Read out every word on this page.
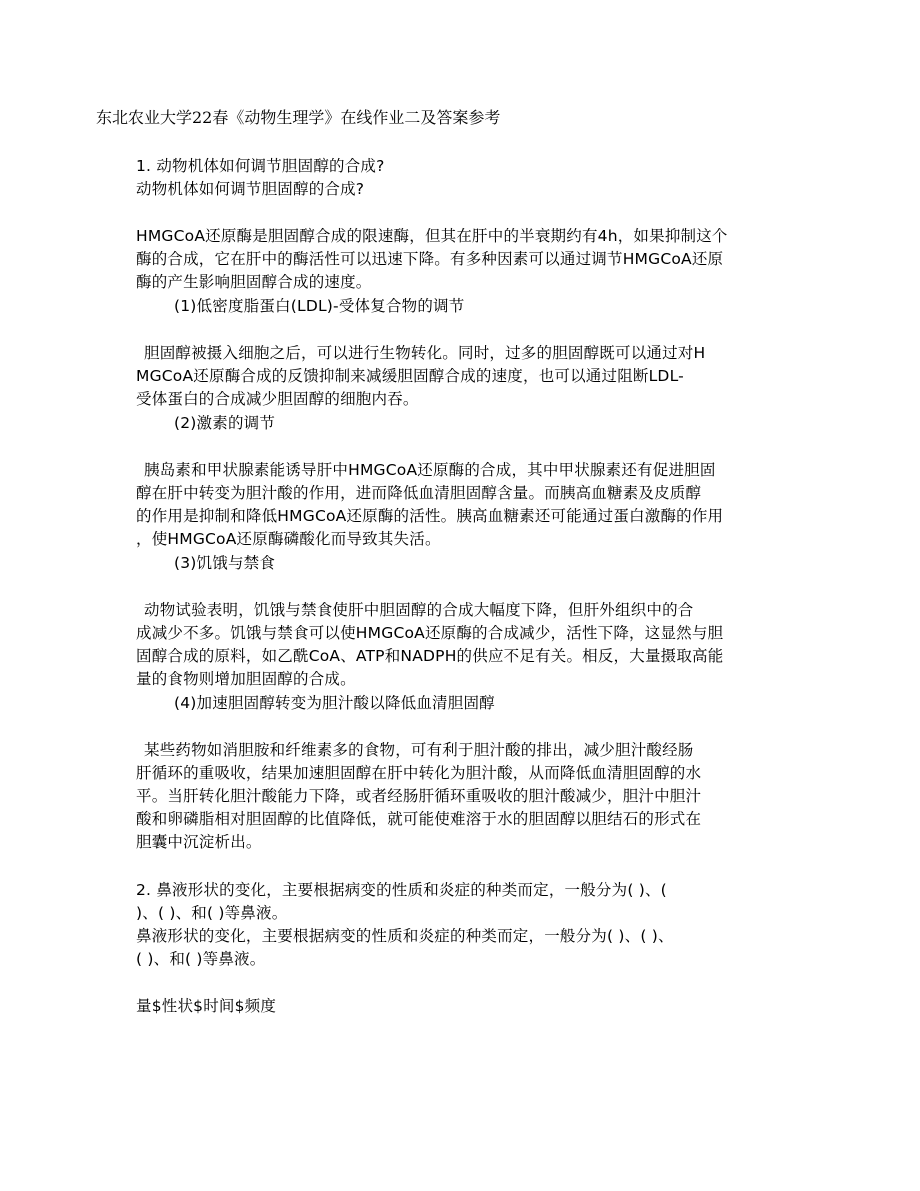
东北农业大学22春《动物生理学》在线作业二及答案参考
1. 动物机体如何调节胆固醇的合成?
动物机体如何调节胆固醇的合成?
HMGCoA还原酶是胆固醇合成的限速酶，但其在肝中的半衰期约有4h，如果抑制这个
酶的合成，它在肝中的酶活性可以迅速下降。有多种因素可以通过调节HMGCoA还原
酶的产生影响胆固醇合成的速度。
(1)低密度脂蛋白(LDL)-受体复合物的调节
胆固醇被摄入细胞之后，可以进行生物转化。同时，过多的胆固醇既可以通过对H
MGCoA还原酶合成的反馈抑制来减缓胆固醇合成的速度，也可以通过阻断LDL-
受体蛋白的合成减少胆固醇的细胞内吞。
(2)激素的调节
胰岛素和甲状腺素能诱导肝中HMGCoA还原酶的合成，其中甲状腺素还有促进胆固
醇在肝中转变为胆汁酸的作用，进而降低血清胆固醇含量。而胰高血糖素及皮质醇
的作用是抑制和降低HMGCoA还原酶的活性。胰高血糖素还可能通过蛋白激酶的作用
，使HMGCoA还原酶磷酸化而导致其失活。
(3)饥饿与禁食
动物试验表明，饥饿与禁食使肝中胆固醇的合成大幅度下降，但肝外组织中的合
成减少不多。饥饿与禁食可以使HMGCoA还原酶的合成减少，活性下降，这显然与胆
固醇合成的原料，如乙酰CoA、ATP和NADPH的供应不足有关。相反，大量摄取高能
量的食物则增加胆固醇的合成。
(4)加速胆固醇转变为胆汁酸以降低血清胆固醇
某些药物如消胆胺和纤维素多的食物，可有利于胆汁酸的排出，减少胆汁酸经肠
肝循环的重吸收，结果加速胆固醇在肝中转化为胆汁酸，从而降低血清胆固醇的水
平。当肝转化胆汁酸能力下降，或者经肠肝循环重吸收的胆汁酸减少，胆汁中胆汁
酸和卵磷脂相对胆固醇的比值降低，就可能使难溶于水的胆固醇以胆结石的形式在
胆囊中沉淀析出。
2. 鼻液形状的变化，主要根据病变的性质和炎症的种类而定，一般分为( )、(
)、( )、和( )等鼻液。
鼻液形状的变化，主要根据病变的性质和炎症的种类而定，一般分为( )、( )、
( )、和( )等鼻液。
量$性状$时间$频度
